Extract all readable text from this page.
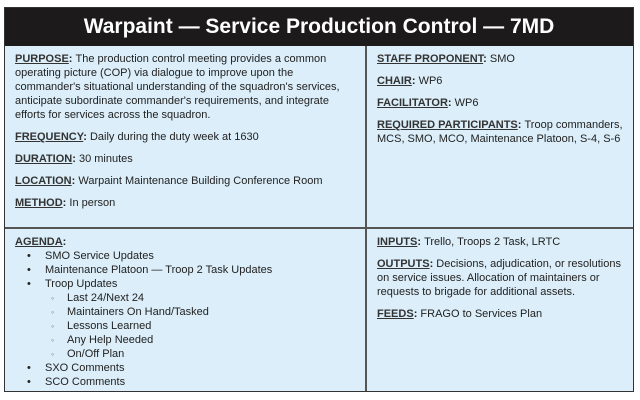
Warpaint — Service Production Control — 7MD

PURPOSE: The production control meeting provides a common operating picture (COP) via dialogue to improve upon the commander's situational understanding of the squadron's services, anticipate subordinate commander's requirements, and integrate efforts for services across the squadron.

FREQUENCY: Daily during the duty week at 1630

DURATION: 30 minutes

LOCATION: Warpaint Maintenance Building Conference Room

METHOD: In person

STAFF PROPONENT: SMO

CHAIR: WP6

FACILITATOR: WP6

REQUIRED PARTICIPANTS: Troop commanders, MCS, SMO, MCO, Maintenance Platoon, S-4, S-6

AGENDA:
• SMO Service Updates
• Maintenance Platoon — Troop 2 Task Updates
• Troop Updates
◦ Last 24/Next 24
◦ Maintainers On Hand/Tasked
◦ Lessons Learned
◦ Any Help Needed
◦ On/Off Plan
• SXO Comments
• SCO Comments

INPUTS: Trello, Troops 2 Task, LRTC

OUTPUTS: Decisions, adjudication, or resolutions on service issues. Allocation of maintainers or requests to brigade for additional assets.

FEEDS: FRAGO to Services Plan
